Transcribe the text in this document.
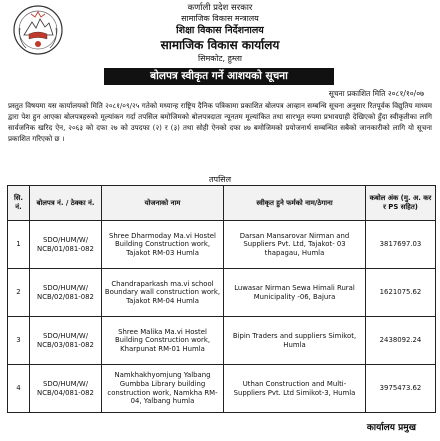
कर्णाली प्रदेश सरकार
सामाजिक विकास मन्त्रालय
शिक्षा विकास निर्देशनालय
सामाजिक विकास कार्यालय
सिमकोट, हुम्ला
बोलपत्र स्वीकृत गर्ने आशयको सूचना
सूचना प्रकाशित मिति २०८१/१०/०७
प्रस्तुत विषयमा यस कार्यालयको मिति २०८१/०९/२५ गतेको मध्यान्ह राष्ट्रिय दैनिक पत्रिकामा प्रकाशित बोलपत्र आव्हान सम्बन्धि सूचना अनुसार रितपूर्वक विद्युतिय माध्यम द्वारा पेश हुन आएका बोलपत्रहरुको मूल्यांकन गर्दा तपसिल बमोजिमको बोलपत्रदाता न्यूनतम मूल्यांकित तथा सारभूत रुपमा प्रभावग्राही देखिएको हुँदा स्वीकृतीका लागि सार्वजनिक खरिद ऐन, २०६३ को दफा २७ को उपदफा (२) र (३) तथा सोही ऐनको दफा ४७ बमोजिमको प्रयोजनार्थ सम्बन्धित सबैको जानकारीको लागि यो सूचना प्रकाशित गरिएको छ ।
तपसिल
सि. नं.	बोलपत्र नं. / ठेक्का नं.	योजनाको नाम	स्वीकृत हुने फर्मको नाम/ठेगाना	कबोल अंक (मु. अ. कर र PS सहित)
1	SDO/HUM/W/ NCB/01/081-082	Shree Dharmoday Ma.vi Hostel Building Construction work, Tajakot RM-03 Humla	Darsan Mansarovar Nirman and Suppliers Pvt. Ltd, Tajakot- 03 thapagau, Humla	3817697.03
2	SDO/HUM/W/ NCB/02/081-082	Chandraparkash ma.vi school Boundary wall construction work, Tajakot RM-04 Humla	Luwasar Nirman Sewa Himali Rural Municipality -06, Bajura	1621075.62
3	SDO/HUM/W/ NCB/03/081-082	Shree Malika Ma.vi Hostel Building Construction work, Kharpunat RM-01 Humla	Bipin Traders and suppliers Simikot, Humla	2438092.24
4	SDO/HUM/W/ NCB/04/081-082	Namkhakhyomjung Yalbang Gumbba Library building construction work, Namkha RM-04, Yalbang humla	Uthan Construction and Multi- Suppliers Pvt. Ltd Simikot-3, Humla	3975473.62
कार्यालय प्रमुख
